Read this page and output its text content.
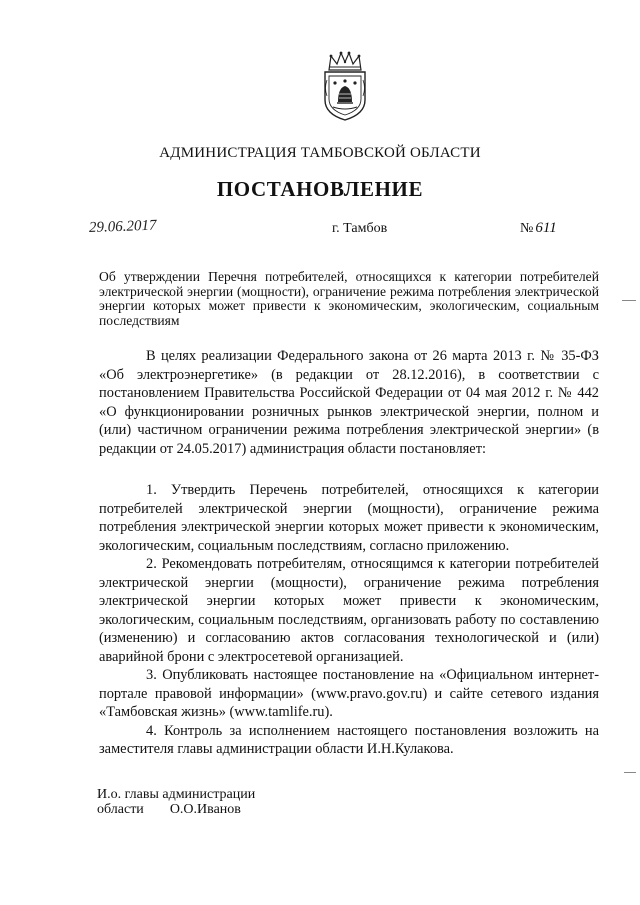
АДМИНИСТРАЦИЯ ТАМБОВСКОЙ ОБЛАСТИ
ПОСТАНОВЛЕНИЕ
29.06.2017	г. Тамбов	№ 611
Об утверждении Перечня потребителей, относящихся к категории потребителей электрической энергии (мощности), ограничение режима потребления электрической энергии которых может привести к экономическим, экологическим, социальным последствиям

В целях реализации Федерального закона от 26 марта 2013 г. № 35-ФЗ «Об электроэнергетике» (в редакции от 28.12.2016), в соответствии с постановлением Правительства Российской Федерации от 04 мая 2012 г. № 442 «О функционировании розничных рынков электрической энергии, полном и (или) частичном ограничении режима потребления электрической энергии» (в редакции от 24.05.2017) администрация области постановляет:

1. Утвердить Перечень потребителей, относящихся к категории потребителей электрической энергии (мощности), ограничение режима потребления электрической энергии которых может привести к экономическим, экологическим, социальным последствиям, согласно приложению.

2. Рекомендовать потребителям, относящимся к категории потребителей электрической энергии (мощности), ограничение режима потребления электрической энергии которых может привести к экономическим, экологическим, социальным последствиям, организовать работу по составлению (изменению) и согласованию актов согласования технологической и (или) аварийной брони с электросетевой организацией.

3. Опубликовать настоящее постановление на «Официальном интернет-портале правовой информации» (www.pravo.gov.ru) и сайте сетевого издания «Тамбовская жизнь» (www.tamlife.ru).

4. Контроль за исполнением настоящего постановления возложить на заместителя главы администрации области И.Н.Кулакова.

И.о. главы администрации
области О.О.Иванов
